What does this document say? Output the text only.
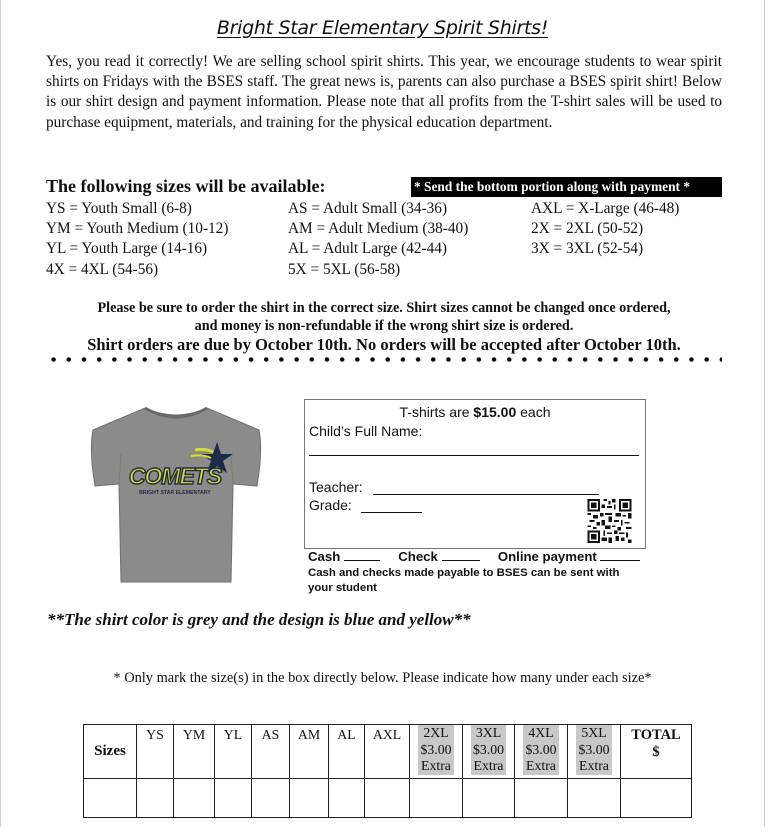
Bright Star Elementary Spirit Shirts!

Yes, you read it correctly! We are selling school spirit shirts. This year, we encourage students to wear spirit shirts on Fridays with the BSES staff. The great news is, parents can also purchase a BSES spirit shirt! Below is our shirt design and payment information. Please note that all profits from the T-shirt sales will be used to purchase equipment, materials, and training for the physical education department.

The following sizes will be available:	* Send the bottom portion along with payment *
YS = Youth Small (6-8)
YM = Youth Medium (10-12)
YL = Youth Large (14-16)
4X = 4XL (54-56)
AS = Adult Small (34-36)
AM = Adult Medium (38-40)
AL = Adult Large (42-44)
5X = 5XL (56-58)
AXL = X-Large (46-48)
2X = 2XL (50-52)
3X = 3XL (52-54)
Please be sure to order the shirt in the correct size. Shirt sizes cannot be changed once ordered,
and money is non-refundable if the wrong shirt size is ordered.
Shirt orders are due by October 10th. No orders will be accepted after October 10th.
COMETS
BRIGHT STAR ELEMENTARY
T-shirts are $15.00 each
Child’s Full Name:
Teacher:
Grade:
Cash	Check	Online payment
Cash and checks made payable to BSES can be sent with your student
**The shirt color is grey and the design is blue and yellow**
* Only mark the size(s) in the box directly below. Please indicate how many under each size*
Sizes	YS	YM	YL	AS	AM	AL	AXL	2XL
$3.00
Extra	3XL
$3.00
Extra	4XL
$3.00
Extra	5XL
$3.00
Extra	TOTAL
$
